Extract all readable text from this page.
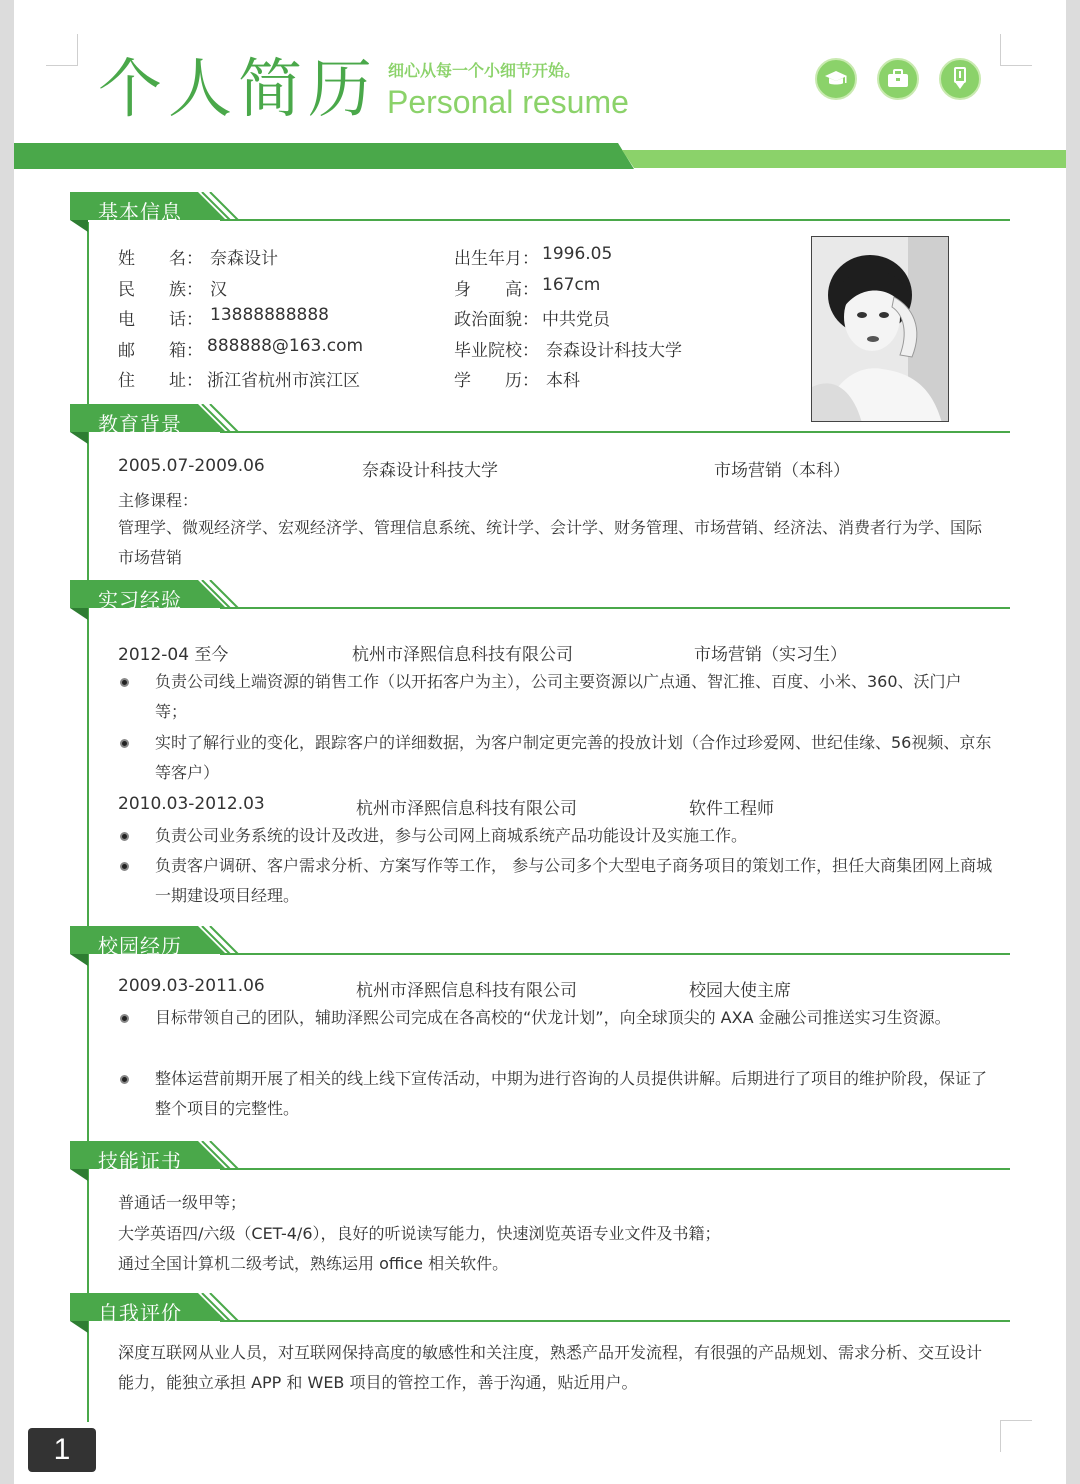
个人简历 细心从每一个小细节开始。
Personal resume
基本信息
姓　　名： 奈森设计
民　　族： 汉
电　　话： 13888888888
邮　　箱： 888888@163.com
住　　址： 浙江省杭州市滨江区
出生年月： 1996.05
身　　高： 167cm
政治面貌： 中共党员
毕业院校： 奈森设计科技大学
学　　历： 本科
教育背景
2005.07-2009.06	奈森设计科技大学	市场营销（本科）
主修课程：
管理学、微观经济学、宏观经济学、管理信息系统、统计学、会计学、财务管理、市场营销、经济法、消费者行为学、国际市场营销
实习经验
2012-04 至今	杭州市泽熙信息科技有限公司	市场营销（实习生）
负责公司线上端资源的销售工作（以开拓客户为主），公司主要资源以广点通、智汇推、百度、小米、360、沃门户等；
实时了解行业的变化，跟踪客户的详细数据，为客户制定更完善的投放计划（合作过珍爱网、世纪佳缘、56视频、京东等客户）
2010.03-2012.03	杭州市泽熙信息科技有限公司	软件工程师
负责公司业务系统的设计及改进，参与公司网上商城系统产品功能设计及实施工作。
负责客户调研、客户需求分析、方案写作等工作， 参与公司多个大型电子商务项目的策划工作，担任大商集团网上商城一期建设项目经理。
校园经历
2009.03-2011.06	杭州市泽熙信息科技有限公司	校园大使主席
目标带领自己的团队，辅助泽熙公司完成在各高校的“伏龙计划”，向全球顶尖的 AXA 金融公司推送实习生资源。
整体运营前期开展了相关的线上线下宣传活动，中期为进行咨询的人员提供讲解。后期进行了项目的维护阶段，保证了整个项目的完整性。
技能证书
普通话一级甲等；
大学英语四/六级（CET-4/6），良好的听说读写能力，快速浏览英语专业文件及书籍；
通过全国计算机二级考试，熟练运用 office 相关软件。
自我评价
深度互联网从业人员，对互联网保持高度的敏感性和关注度，熟悉产品开发流程，有很强的产品规划、需求分析、交互设计能力，能独立承担 APP 和 WEB 项目的管控工作，善于沟通，贴近用户。
1
